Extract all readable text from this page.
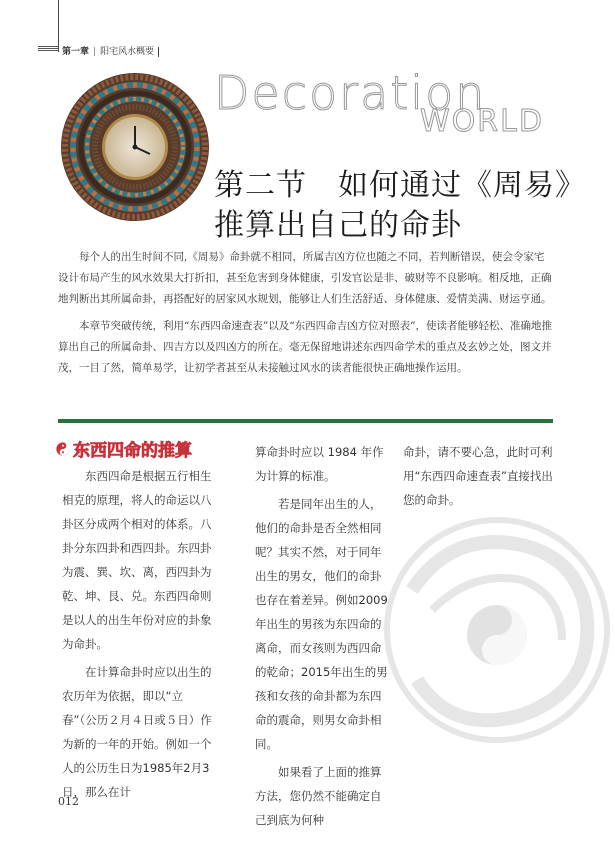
第一章 | 阳宅风水概要
Decoration
WORLD
第二节　如何通过《周易》
推算出自己的命卦

每个人的出生时间不同,《周易》命卦就不相同，所属吉凶方位也随之不同，若判断错误，使会令家宅设计布局产生的风水效果大打折扣，甚至危害到身体健康，引发官讼是非、破财等不良影响。相反地，正确地判断出其所属命卦，再搭配好的居家风水规划，能够让人们生活舒适、身体健康、爱情美满、财运亨通。

本章节突破传统，利用“东西四命速查表”以及“东西四命吉凶方位对照表”，使读者能够轻松、准确地推算出自己的所属命卦、四吉方以及四凶方的所在。毫无保留地讲述东西四命学术的重点及玄妙之处，图文并茂，一目了然，简单易学，让初学者甚至从未接触过风水的读者能很快正确地操作运用。

东西四命的推算

东西四命是根据五行相生相克的原理，将人的命运以八卦区分成两个相对的体系。八卦分东四卦和西四卦。东四卦为震、巽、坎、离，西四卦为乾、坤、艮、兑。东西四命则是以人的出生年份对应的卦象为命卦。

在计算命卦时应以出生的农历年为依据，即以“立春”（公历２月４日或５日）作为新的一年的开始。例如一个人的公历生日为1985年2月3日，那么在计

算命卦时应以 1984 年作为计算的标准。

若是同年出生的人，他们的命卦是否全然相同呢？其实不然，对于同年出生的男女，他们的命卦也存在着差异。例如2009年出生的男孩为东四命的离命，而女孩则为西四命的乾命；2015年出生的男孩和女孩的命卦都为东四命的震命，则男女命卦相同。

如果看了上面的推算方法，您仍然不能确定自己到底为何种

命卦，请不要心急，此时可利用“东西四命速查表”直接找出您的命卦。

012
